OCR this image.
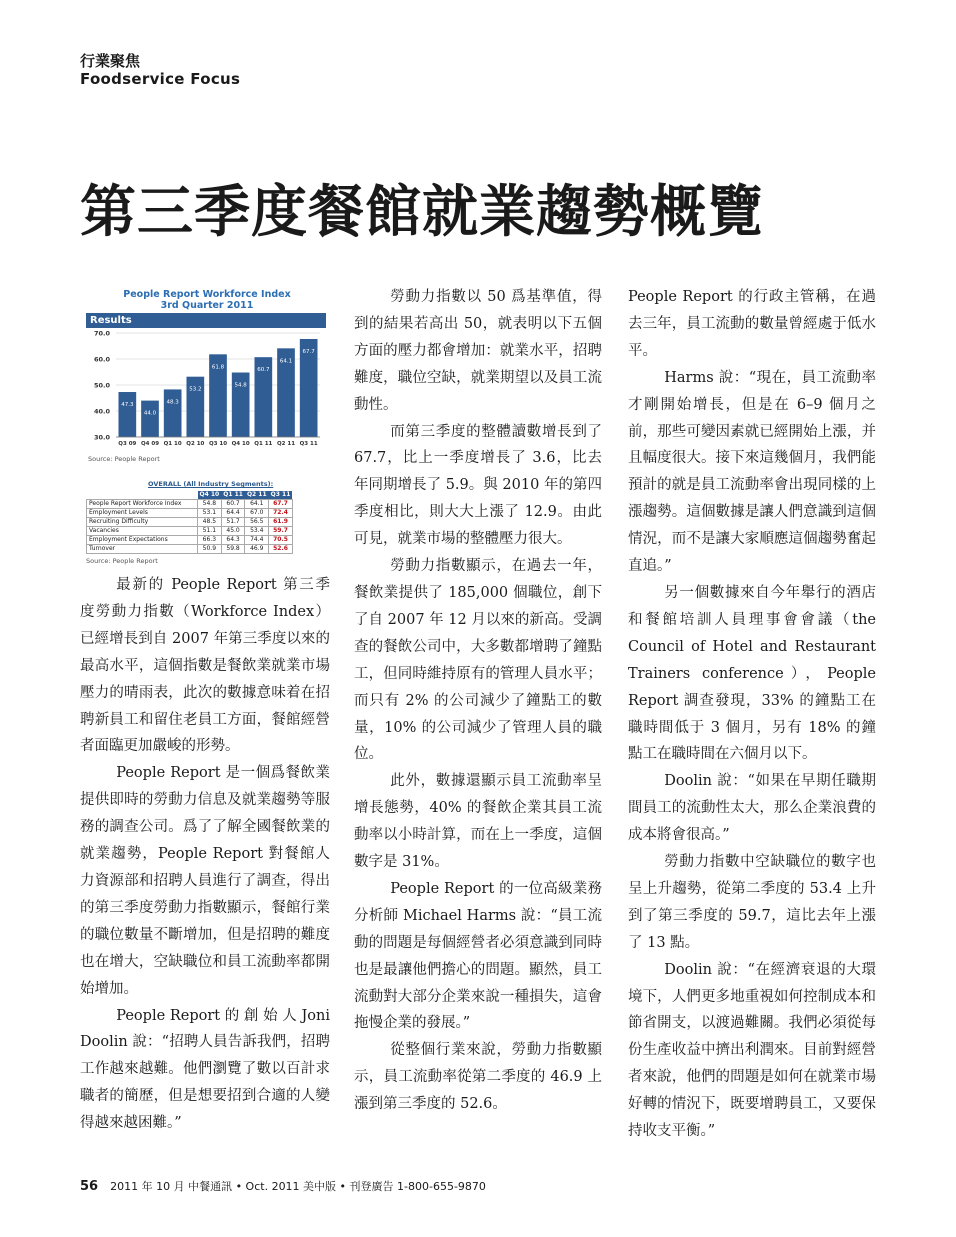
行業聚焦
Foodservice Focus
第三季度餐館就業趨勢概覽
People Report Workforce Index
3rd Quarter 2011
Results
30.0
40.0
50.0
60.0
70.0
47.3
Q3 09
44.0
Q4 09
48.3
Q1 10
53.2
Q2 10
61.8
Q3 10
54.8
Q4 10
60.7
Q1 11
64.1
Q2 11
67.7
Q3 11
Source: People Report
OVERALL (All Industry Segments):
	Q4 10	Q1 11	Q2 11	Q3 11
People Report Workforce Index	54.8	60.7	64.1	67.7
Employment Levels	53.1	64.4	67.0	72.4
Recruiting Difficulty	48.5	51.7	56.5	61.9
Vacancies	51.1	45.0	53.4	59.7
Employment Expectations	66.3	64.3	74.4	70.5
Turnover	50.9	59.8	46.9	52.6
Source: People Report

最新的 People Report 第三季度勞動力指數（Workforce Index）已經增長到自 2007 年第三季度以來的最高水平，這個指數是餐飲業就業市場壓力的晴雨表，此次的數據意味着在招聘新員工和留住老員工方面，餐館經營者面臨更加嚴峻的形勢。

People Report 是一個爲餐飲業提供即時的勞動力信息及就業趨勢等服務的調查公司。爲了了解全國餐飲業的就業趨勢，People Report 對餐館人力資源部和招聘人員進行了調查，得出的第三季度勞動力指數顯示，餐館行業的職位數量不斷增加，但是招聘的難度也在增大，空缺職位和員工流動率都開始增加。

People Report 的 創 始 人 Joni Doolin 說：“招聘人員告訴我們，招聘工作越來越難。他們瀏覽了數以百計求職者的簡歷，但是想要招到合適的人變得越來越困難。”

勞動力指數以 50 爲基準值，得到的結果若高出 50，就表明以下五個方面的壓力都會增加：就業水平，招聘難度，職位空缺，就業期望以及員工流動性。

而第三季度的整體讀數增長到了 67.7，比上一季度增長了 3.6，比去年同期增長了 5.9。與 2010 年的第四季度相比，則大大上漲了 12.9。由此可見，就業市場的整體壓力很大。

勞動力指數顯示，在過去一年，餐飲業提供了 185,000 個職位，創下了自 2007 年 12 月以來的新高。受調查的餐飲公司中，大多數都增聘了鐘點工，但同時維持原有的管理人員水平；而只有 2% 的公司減少了鐘點工的數量，10% 的公司減少了管理人員的職位。

此外，數據還顯示員工流動率呈增長態勢，40% 的餐飲企業其員工流動率以小時計算，而在上一季度，這個數字是 31%。

People Report 的一位高級業務分析師 Michael Harms 說：“員工流動的問題是每個經營者必須意識到同時也是最讓他們擔心的問題。顯然，員工流動對大部分企業來說一種損失，這會拖慢企業的發展。”

從整個行業來說，勞動力指數顯示，員工流動率從第二季度的 46.9 上漲到第三季度的 52.6。

People Report 的行政主管稱，在過去三年，員工流動的數量曾經處于低水平。

Harms 說：“現在，員工流動率才剛開始增長，但是在 6–9 個月之前，那些可變因素就已經開始上漲，并且幅度很大。接下來這幾個月，我們能預計的就是員工流動率會出現同樣的上漲趨勢。這個數據是讓人們意識到這個情況，而不是讓大家順應這個趨勢奮起直追。”

另一個數據來自今年舉行的酒店和餐館培訓人員理事會會議（the Council of Hotel and Restaurant Trainers conference），People Report 調查發現，33% 的鐘點工在職時間低于 3 個月，另有 18% 的鐘點工在職時間在六個月以下。

Doolin 說：“如果在早期任職期間員工的流動性太大，那么企業浪費的成本將會很高。”

勞動力指數中空缺職位的數字也呈上升趨勢，從第二季度的 53.4 上升到了第三季度的 59.7，這比去年上漲了 13 點。

Doolin 說：“在經濟衰退的大環境下，人們更多地重視如何控制成本和節省開支，以渡過難關。我們必須從每份生產收益中擠出利潤來。目前對經營者來說，他們的問題是如何在就業市場好轉的情況下，既要增聘員工，又要保持收支平衡。”

56 2011 年 10 月 中餐通訊 • Oct. 2011 美中版 • 刊登廣告 1-800-655-9870
